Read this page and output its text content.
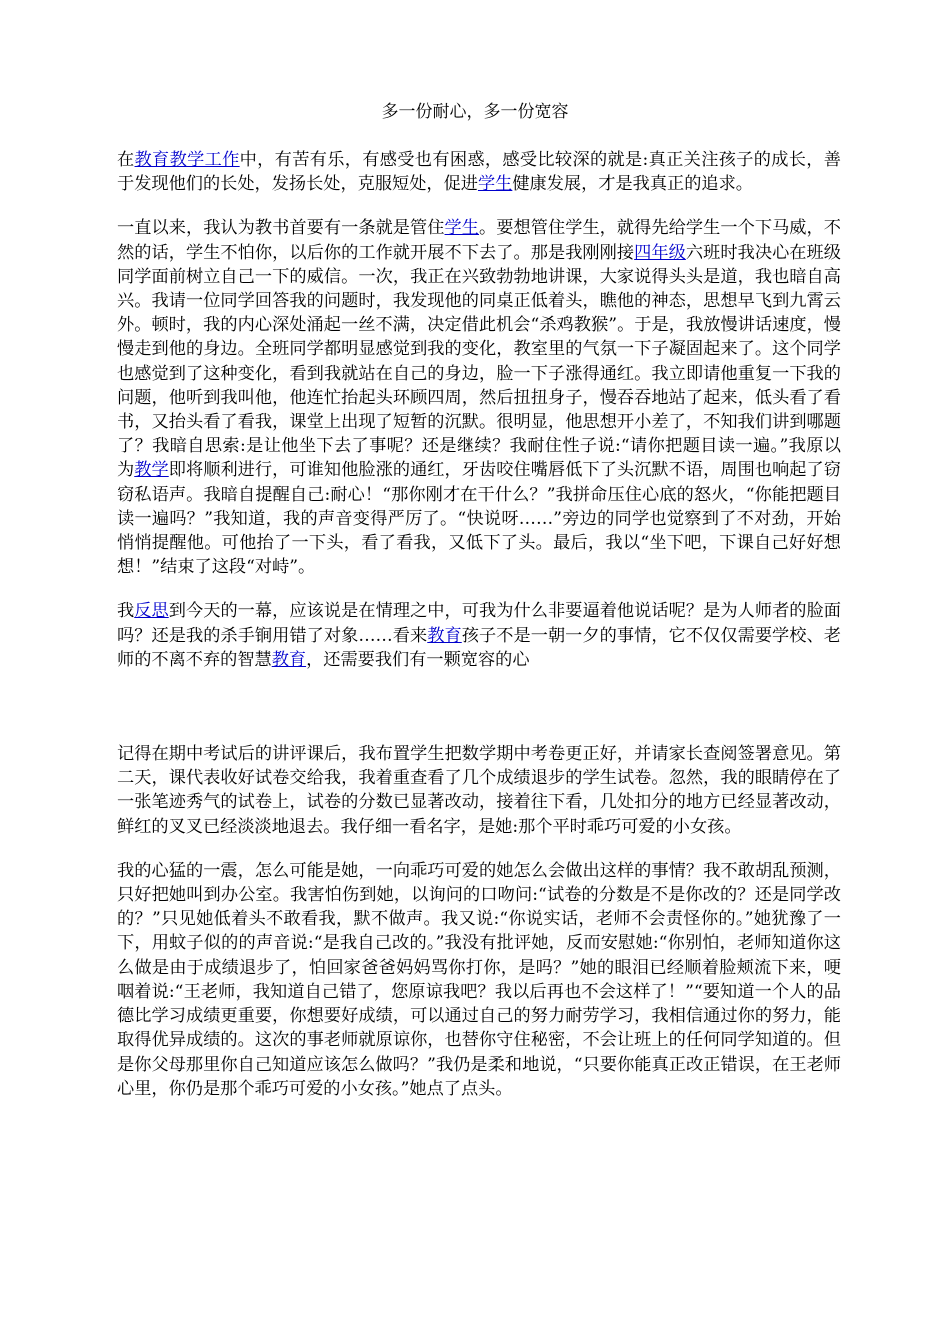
多一份耐心，多一份宽容

在教育教学工作中，有苦有乐，有感受也有困惑，感受比较深的就是:真正关注孩子的成长，善于发现他们的长处，发扬长处，克服短处，促进学生健康发展，才是我真正的追求。

一直以来，我认为教书首要有一条就是管住学生。要想管住学生，就得先给学生一个下马威，不然的话，学生不怕你，以后你的工作就开展不下去了。那是我刚刚接四年级六班时我决心在班级同学面前树立自己一下的威信。一次，我正在兴致勃勃地讲课，大家说得头头是道，我也暗自高兴。我请一位同学回答我的问题时，我发现他的同桌正低着头，瞧他的神态，思想早飞到九霄云外。顿时，我的内心深处涌起一丝不满，决定借此机会“杀鸡教猴”。于是，我放慢讲话速度，慢慢走到他的身边。全班同学都明显感觉到我的变化，教室里的气氛一下子凝固起来了。这个同学也感觉到了这种变化，看到我就站在自己的身边，脸一下子涨得通红。我立即请他重复一下我的问题，他听到我叫他，他连忙抬起头环顾四周，然后扭扭身子，慢吞吞地站了起来，低头看了看书，又抬头看了看我，课堂上出现了短暂的沉默。很明显，他思想开小差了，不知我们讲到哪题了？我暗自思索:是让他坐下去了事呢？还是继续？我耐住性子说:“请你把题目读一遍。”我原以为教学即将顺利进行，可谁知他脸涨的通红，牙齿咬住嘴唇低下了头沉默不语，周围也响起了窃窃私语声。我暗自提醒自己:耐心！“那你刚才在干什么？”我拼命压住心底的怒火，“你能把题目读一遍吗？”我知道，我的声音变得严厉了。“快说呀……”旁边的同学也觉察到了不对劲，开始悄悄提醒他。可他抬了一下头，看了看我，又低下了头。最后，我以“坐下吧，下课自己好好想想！”结束了这段“对峙”。

我反思到今天的一幕，应该说是在情理之中，可我为什么非要逼着他说话呢？是为人师者的脸面吗？还是我的杀手锏用错了对象……看来教育孩子不是一朝一夕的事情，它不仅仅需要学校、老师的不离不弃的智慧教育，还需要我们有一颗宽容的心

记得在期中考试后的讲评课后，我布置学生把数学期中考卷更正好，并请家长查阅签署意见。第二天，课代表收好试卷交给我，我着重查看了几个成绩退步的学生试卷。忽然，我的眼睛停在了一张笔迹秀气的试卷上，试卷的分数已显著改动，接着往下看，几处扣分的地方已经显著改动，鲜红的叉叉已经淡淡地退去。我仔细一看名字，是她:那个平时乖巧可爱的小女孩。

我的心猛的一震，怎么可能是她，一向乖巧可爱的她怎么会做出这样的事情？我不敢胡乱预测，只好把她叫到办公室。我害怕伤到她，以询问的口吻问:“试卷的分数是不是你改的？还是同学改的？”只见她低着头不敢看我，默不做声。我又说:“你说实话，老师不会责怪你的。”她犹豫了一下，用蚊子似的的声音说:“是我自己改的。”我没有批评她，反而安慰她:“你别怕，老师知道你这么做是由于成绩退步了，怕回家爸爸妈妈骂你打你，是吗？”她的眼泪已经顺着脸颊流下来，哽咽着说:“王老师，我知道自己错了，您原谅我吧？我以后再也不会这样了！”“要知道一个人的品德比学习成绩更重要，你想要好成绩，可以通过自己的努力耐劳学习，我相信通过你的努力，能取得优异成绩的。这次的事老师就原谅你，也替你守住秘密，不会让班上的任何同学知道的。但是你父母那里你自己知道应该怎么做吗？”我仍是柔和地说，“只要你能真正改正错误，在王老师心里，你仍是那个乖巧可爱的小女孩。”她点了点头。
